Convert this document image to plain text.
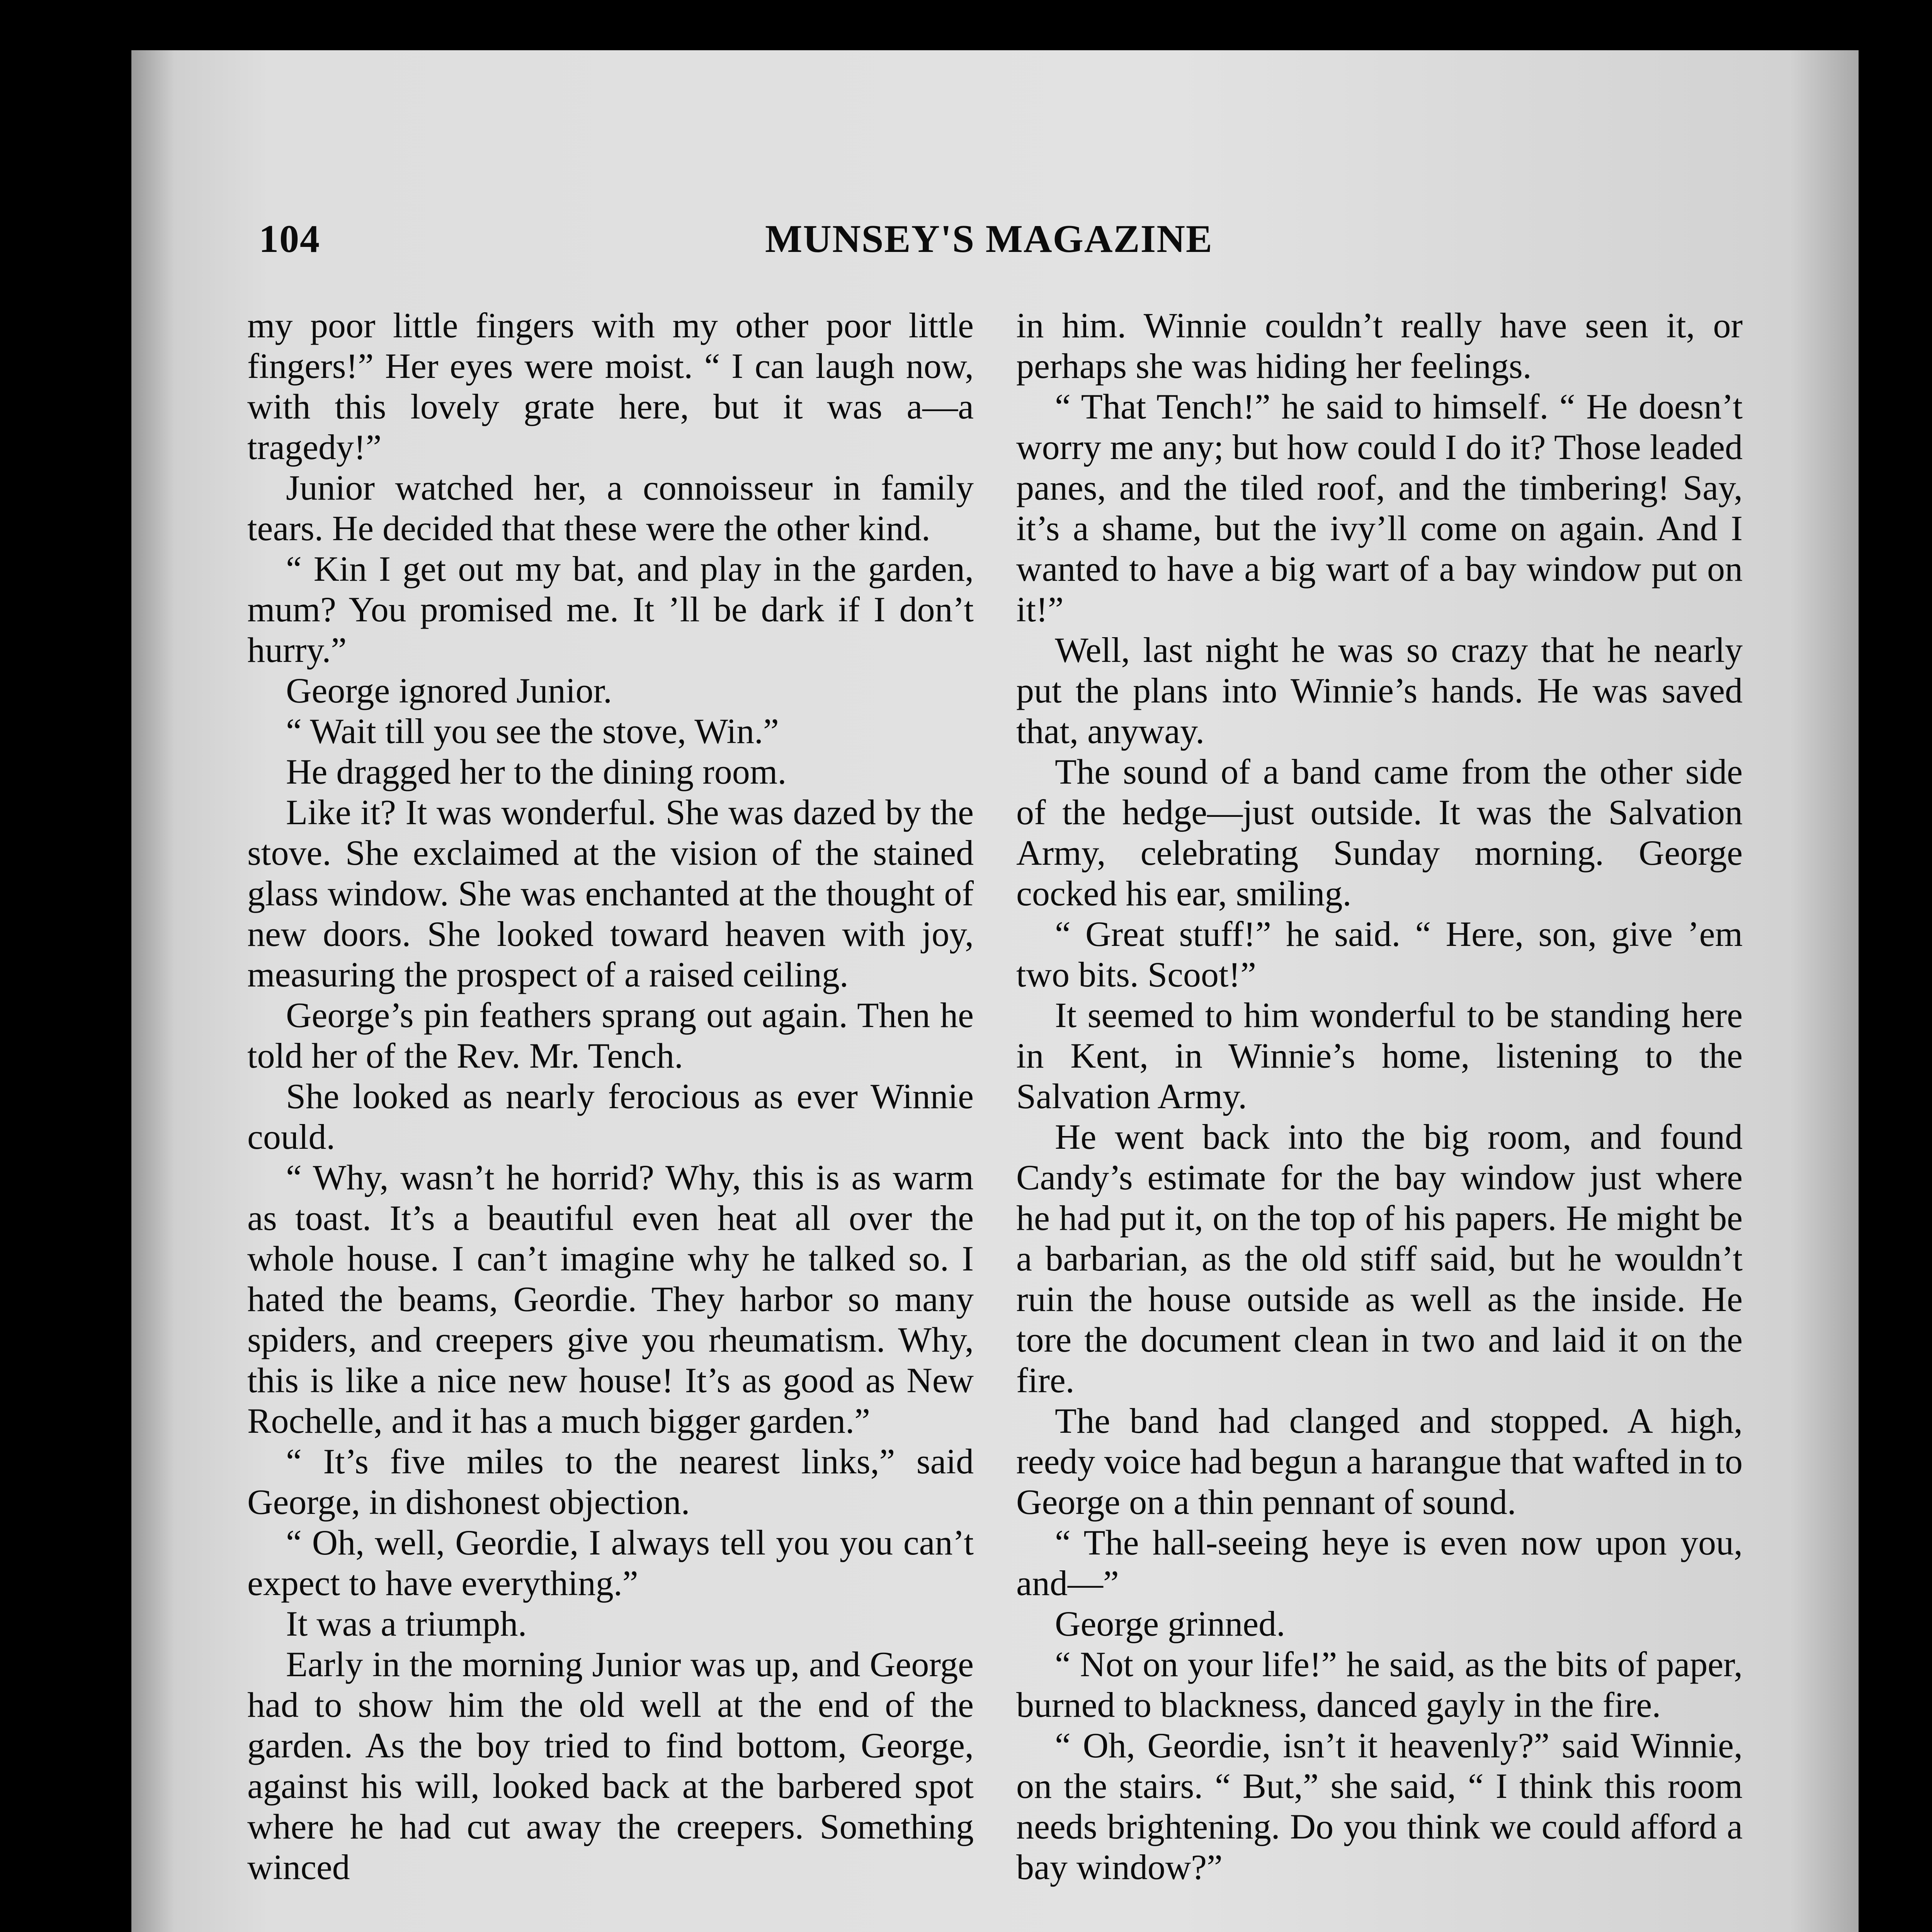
104	MUNSEY'S MAGAZINE

my poor little fingers with my other poor little fingers!” Her eyes were moist. “ I can laugh now, with this lovely grate here, but it was a—a tragedy!”

Junior watched her, a connoisseur in family tears. He decided that these were the other kind.

“ Kin I get out my bat, and play in the garden, mum? You promised me. It ’ll be dark if I don’t hurry.”

George ignored Junior.

“ Wait till you see the stove, Win.”

He dragged her to the dining room.

Like it? It was wonderful. She was dazed by the stove. She exclaimed at the vision of the stained glass window. She was enchanted at the thought of new doors. She looked toward heaven with joy, measuring the prospect of a raised ceiling.

George’s pin feathers sprang out again. Then he told her of the Rev. Mr. Tench.

She looked as nearly ferocious as ever Winnie could.

“ Why, wasn’t he horrid? Why, this is as warm as toast. It’s a beautiful even heat all over the whole house. I can’t imagine why he talked so. I hated the beams, Geordie. They harbor so many spiders, and creepers give you rheumatism. Why, this is like a nice new house! It’s as good as New Rochelle, and it has a much bigger garden.”

“ It’s five miles to the nearest links,” said George, in dishonest objection.

“ Oh, well, Geordie, I always tell you you can’t expect to have everything.”

It was a triumph.

Early in the morning Junior was up, and George had to show him the old well at the end of the garden. As the boy tried to find bottom, George, against his will, looked back at the barbered spot where he had cut away the creepers. Something winced

in him. Winnie couldn’t really have seen it, or perhaps she was hiding her feelings.

“ That Tench!” he said to himself. “ He doesn’t worry me any; but how could I do it? Those leaded panes, and the tiled roof, and the timbering! Say, it’s a shame, but the ivy’ll come on again. And I wanted to have a big wart of a bay window put on it!”

Well, last night he was so crazy that he nearly put the plans into Winnie’s hands. He was saved that, anyway.

The sound of a band came from the other side of the hedge—just outside. It was the Salvation Army, celebrating Sunday morning. George cocked his ear, smiling.

“ Great stuff!” he said. “ Here, son, give ’em two bits. Scoot!”

It seemed to him wonderful to be standing here in Kent, in Winnie’s home, listening to the Salvation Army.

He went back into the big room, and found Candy’s estimate for the bay window just where he had put it, on the top of his papers. He might be a barbarian, as the old stiff said, but he wouldn’t ruin the house outside as well as the inside. He tore the document clean in two and laid it on the fire.

The band had clanged and stopped. A high, reedy voice had begun a harangue that wafted in to George on a thin pennant of sound.

“ The hall-seeing heye is even now upon you, and—”

George grinned.

“ Not on your life!” he said, as the bits of paper, burned to blackness, danced gayly in the fire.

“ Oh, Geordie, isn’t it heavenly?” said Winnie, on the stairs. “ But,” she said, “ I think this room needs brightening. Do you think we could afford a bay window?”
